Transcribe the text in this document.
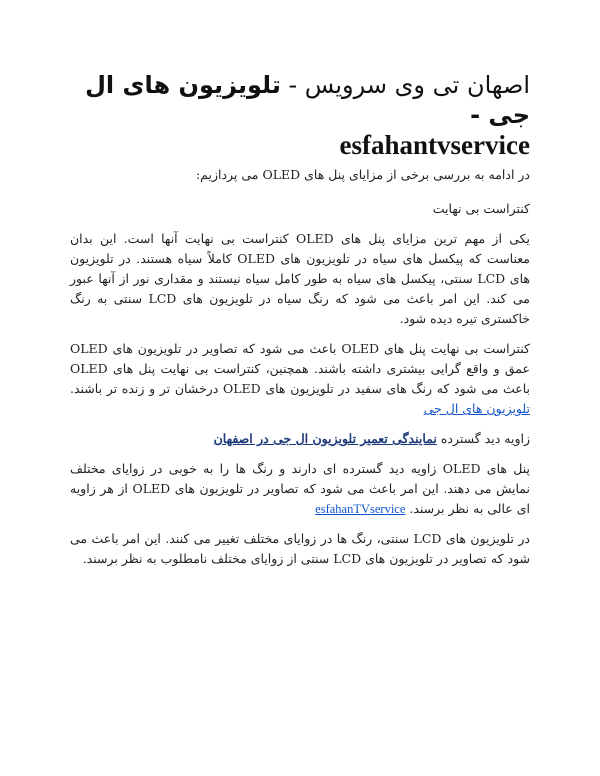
اصهان تی وی سرویس - تلویزیون های ال جی -
esfahantvservice

در ادامه به بررسی برخی از مزایای پنل های OLED می پردازیم:

کنتراست بی نهایت

یکی از مهم ترین مزایای پنل های OLED کنتراست بی نهایت آنها است. این بدان معناست که پیکسل های سیاه در تلویزیون های OLED کاملاً سیاه هستند. در تلویزیون های LCD سنتی، پیکسل های سیاه به طور کامل سیاه نیستند و مقداری نور از آنها عبور می کند. این امر باعث می شود که رنگ سیاه در تلویزیون های LCD سنتی به رنگ خاکستری تیره دیده شود.

کنتراست بی نهایت پنل های OLED باعث می شود که تصاویر در تلویزیون های OLED عمق و واقع گرایی بیشتری داشته باشند. همچنین، کنتراست بی نهایت پنل های OLED باعث می شود که رنگ های سفید در تلویزیون های OLED درخشان تر و زنده تر باشند. تلویزیون های ال جی

زاویه دید گسترده نمایندگی تعمیر تلویزیون ال جی در اصفهان

پنل های OLED زاویه دید گسترده ای دارند و رنگ ها را به خوبی در زوایای مختلف نمایش می دهند. این امر باعث می شود که تصاویر در تلویزیون های OLED از هر زاویه ای عالی به نظر برسند. esfahanTVservice

در تلویزیون های LCD سنتی، رنگ ها در زوایای مختلف تغییر می کنند. این امر باعث می شود که تصاویر در تلویزیون های LCD سنتی از زوایای مختلف نامطلوب به نظر برسند.
